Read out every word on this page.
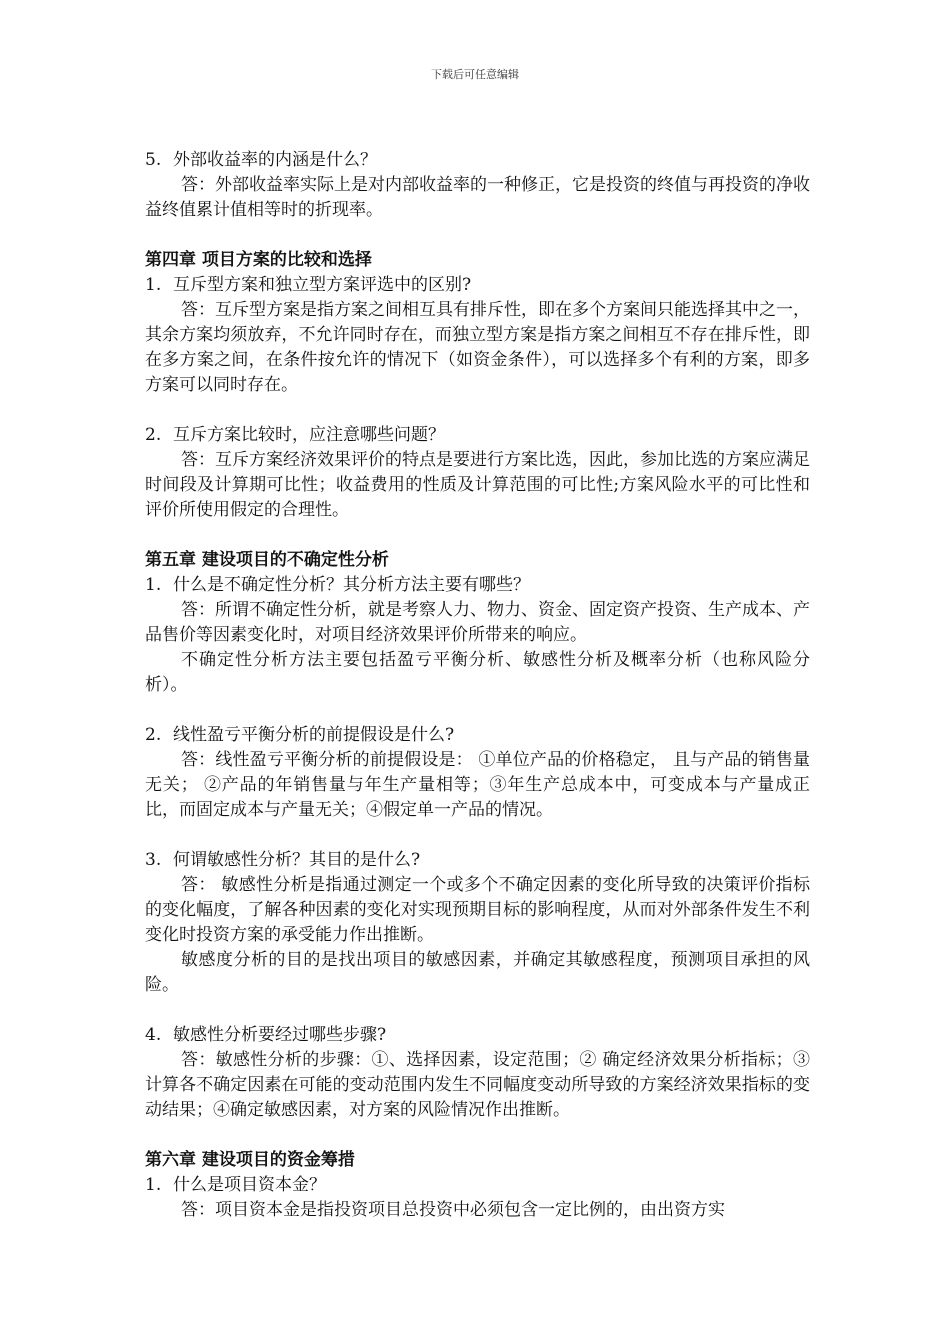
下载后可任意编辑

5. 外部收益率的内涵是什么？

答：外部收益率实际上是对内部收益率的一种修正，它是投资的终值与再投资的净收益终值累计值相等时的折现率。

第四章 项目方案的比较和选择

1. 互斥型方案和独立型方案评选中的区别?

答：互斥型方案是指方案之间相互具有排斥性，即在多个方案间只能选择其中之一，其余方案均须放弃，不允许同时存在，而独立型方案是指方案之间相互不存在排斥性，即在多方案之间，在条件按允许的情况下（如资金条件），可以选择多个有利的方案，即多方案可以同时存在。

2. 互斥方案比较时，应注意哪些问题？

答：互斥方案经济效果评价的特点是要进行方案比选，因此，参加比选的方案应满足时间段及计算期可比性；收益费用的性质及计算范围的可比性;方案风险水平的可比性和 评价所使用假定的合理性。

第五章 建设项目的不确定性分析

1. 什么是不确定性分析？其分析方法主要有哪些？

答：所谓不确定性分析，就是考察人力、物力、资金、固定资产投资、生产成本、产品售价等因素变化时，对项目经济效果评价所带来的响应。

不确定性分析方法主要包括盈亏平衡分析、敏感性分析及概率分析（也称风险分析）。

2. 线性盈亏平衡分析的前提假设是什么?

答：线性盈亏平衡分析的前提假设是： ①单位产品的价格稳定， 且与产品的销售量无关； ②产品的年销售量与年生产量相等；③年生产总成本中，可变成本与产量成正比，而固定成本与产量无关；④假定单一产品的情况。

3. 何谓敏感性分析？其目的是什么?

答： 敏感性分析是指通过测定一个或多个不确定因素的变化所导致的决策评价指标的变化幅度，了解各种因素的变化对实现预期目标的影响程度，从而对外部条件发生不利变化时投资方案的承受能力作出推断。

敏感度分析的目的是找出项目的敏感因素，并确定其敏感程度，预测项目承担的风险。

4. 敏感性分析要经过哪些步骤?

答：敏感性分析的步骤：①、选择因素，设定范围；② 确定经济效果分析指标；③计算各不确定因素在可能的变动范围内发生不同幅度变动所导致的方案经济效果指标的变动结果；④确定敏感因素，对方案的风险情况作出推断。

第六章 建设项目的资金筹措

1. 什么是项目资本金？

答：项目资本金是指投资项目总投资中必须包含一定比例的，由出资方实
